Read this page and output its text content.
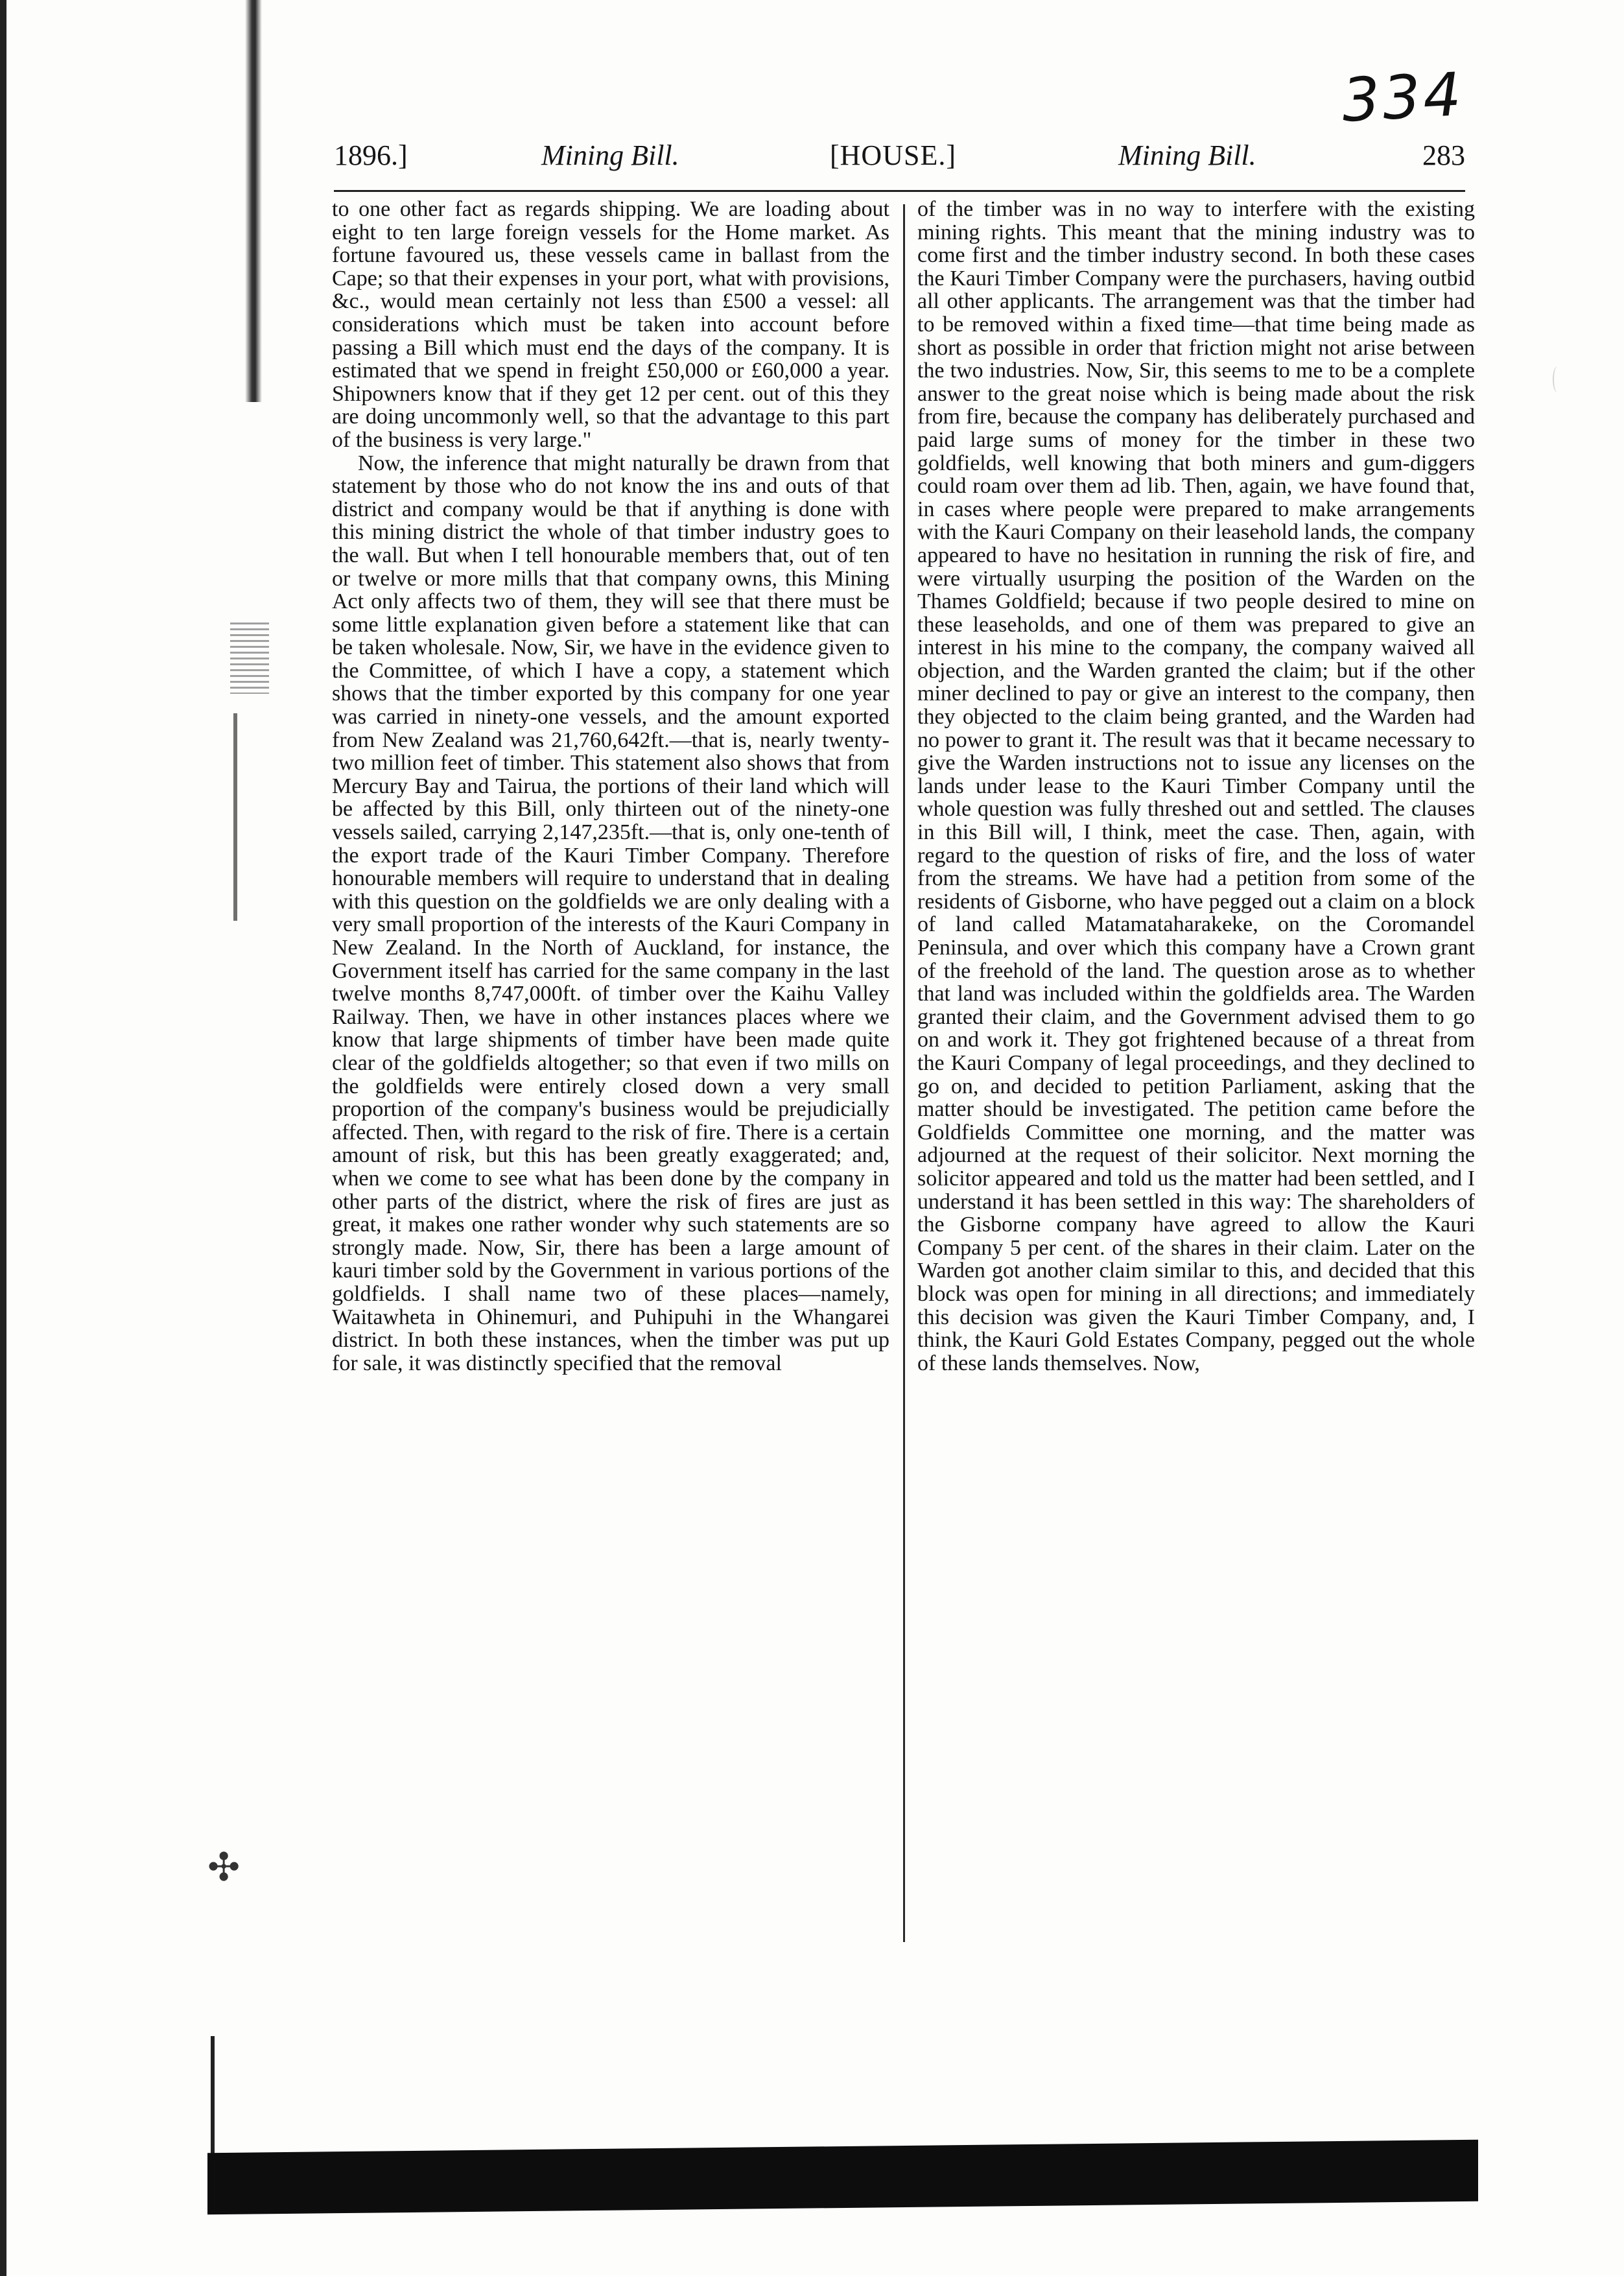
✣
334
1896.]	Mining Bill.	[HOUSE.]	Mining Bill.	283

to one other fact as regards shipping. We are loading about eight to ten large foreign vessels for the Home market. As fortune favoured us, these vessels came in ballast from the Cape; so that their expenses in your port, what with provisions, &c., would mean certainly not less than £500 a vessel: all considerations which must be taken into account before passing a Bill which must end the days of the company. It is estimated that we spend in freight £50,000 or £60,000 a year. Shipowners know that if they get 12 per cent. out of this they are doing uncommonly well, so that the advantage to this part of the business is very large."

Now, the inference that might naturally be drawn from that statement by those who do not know the ins and outs of that district and company would be that if anything is done with this mining district the whole of that timber industry goes to the wall. But when I tell honourable members that, out of ten or twelve or more mills that that company owns, this Mining Act only affects two of them, they will see that there must be some little explanation given before a statement like that can be taken wholesale. Now, Sir, we have in the evidence given to the Committee, of which I have a copy, a statement which shows that the timber exported by this company for one year was carried in ninety-one vessels, and the amount exported from New Zealand was 21,760,642ft.—that is, nearly twenty-two million feet of timber. This statement also shows that from Mercury Bay and Tairua, the portions of their land which will be affected by this Bill, only thirteen out of the ninety-one vessels sailed, carrying 2,147,235ft.—that is, only one-tenth of the export trade of the Kauri Timber Company. Therefore honourable members will require to understand that in dealing with this question on the goldfields we are only dealing with a very small proportion of the interests of the Kauri Company in New Zealand. In the North of Auckland, for instance, the Government itself has carried for the same company in the last twelve months 8,747,000ft. of timber over the Kaihu Valley Railway. Then, we have in other instances places where we know that large shipments of timber have been made quite clear of the goldfields altogether; so that even if two mills on the goldfields were entirely closed down a very small proportion of the company's business would be prejudicially affected. Then, with regard to the risk of fire. There is a certain amount of risk, but this has been greatly exaggerated; and, when we come to see what has been done by the company in other parts of the district, where the risk of fires are just as great, it makes one rather wonder why such statements are so strongly made. Now, Sir, there has been a large amount of kauri timber sold by the Government in various portions of the goldfields. I shall name two of these places—namely, Waitawheta in Ohinemuri, and Puhipuhi in the Whangarei district. In both these instances, when the timber was put up for sale, it was distinctly specified that the removal

of the timber was in no way to interfere with the existing mining rights. This meant that the mining industry was to come first and the timber industry second. In both these cases the Kauri Timber Company were the purchasers, having outbid all other applicants. The arrangement was that the timber had to be removed within a fixed time—that time being made as short as possible in order that friction might not arise between the two industries. Now, Sir, this seems to me to be a complete answer to the great noise which is being made about the risk from fire, because the company has deliberately purchased and paid large sums of money for the timber in these two goldfields, well knowing that both miners and gum-diggers could roam over them ad lib. Then, again, we have found that, in cases where people were prepared to make arrangements with the Kauri Company on their leasehold lands, the company appeared to have no hesitation in running the risk of fire, and were virtually usurping the position of the Warden on the Thames Goldfield; because if two people desired to mine on these leaseholds, and one of them was prepared to give an interest in his mine to the company, the company waived all objection, and the Warden granted the claim; but if the other miner declined to pay or give an interest to the company, then they objected to the claim being granted, and the Warden had no power to grant it. The result was that it became necessary to give the Warden instructions not to issue any licenses on the lands under lease to the Kauri Timber Company until the whole question was fully threshed out and settled. The clauses in this Bill will, I think, meet the case. Then, again, with regard to the question of risks of fire, and the loss of water from the streams. We have had a petition from some of the residents of Gisborne, who have pegged out a claim on a block of land called Matamataharakeke, on the Coromandel Peninsula, and over which this company have a Crown grant of the freehold of the land. The question arose as to whether that land was included within the goldfields area. The Warden granted their claim, and the Government advised them to go on and work it. They got frightened because of a threat from the Kauri Company of legal proceedings, and they declined to go on, and decided to petition Parliament, asking that the matter should be investigated. The petition came before the Goldfields Committee one morning, and the matter was adjourned at the request of their solicitor. Next morning the solicitor appeared and told us the matter had been settled, and I understand it has been settled in this way: The shareholders of the Gisborne company have agreed to allow the Kauri Company 5 per cent. of the shares in their claim. Later on the Warden got another claim similar to this, and decided that this block was open for mining in all directions; and immediately this decision was given the Kauri Timber Company, and, I think, the Kauri Gold Estates Company, pegged out the whole of these lands themselves. Now,
